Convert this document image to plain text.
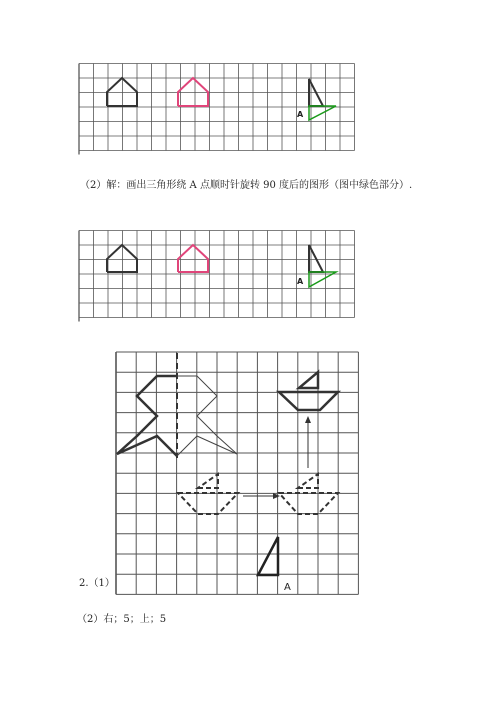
A
（2）解：画出三角形绕 A 点顺时针旋转 90 度后的图形（图中绿色部分）.
A
A
2.（1）
（2）右；5；上；5
